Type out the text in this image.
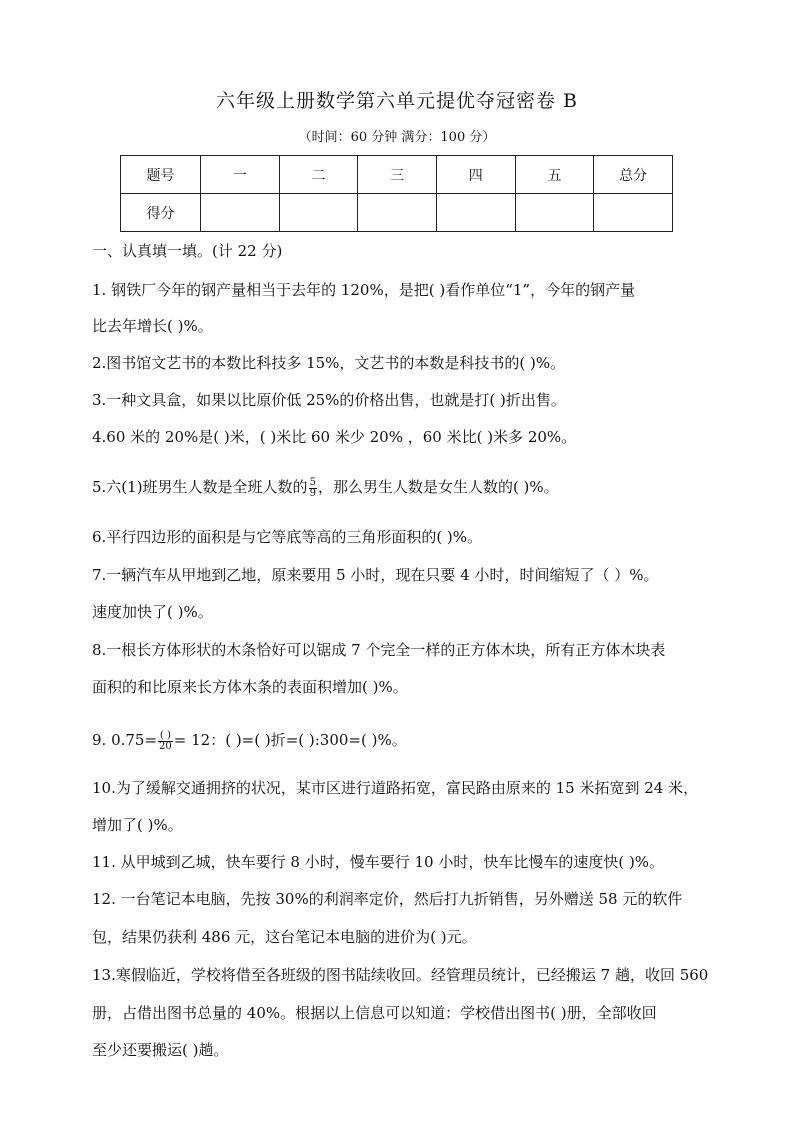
六年级上册数学第六单元提优夺冠密卷 B
（时间：60 分钟 满分：100 分）
题号	一	二	三	四	五	总分
得分						
一、认真填一填。(计 22 分)
1. 钢铁厂今年的钢产量相当于去年的 120%，是把( )看作单位“1”，今年的钢产量
比去年增长( )%。
2.图书馆文艺书的本数比科技多 15%，文艺书的本数是科技书的( )%。
3.一种文具盒，如果以比原价低 25%的价格出售，也就是打( )折出售。
4.60 米的 20%是( )米，( )米比 60 米少 20% ，60 米比( )米多 20%。
5.六(1)班男生人数是全班人数的 $\frac{5}{9}$ ，那么男生人数是女生人数的( )%。
6.平行四边形的面积是与它等底等高的三角形面积的( )%。
7.一辆汽车从甲地到乙地，原来要用 5 小时，现在只要 4 小时，时间缩短了（ ）%。
速度加快了( )%。
8.一根长方体形状的木条恰好可以锯成 7 个完全一样的正方体木块，所有正方体木块表
面积的和比原来长方体木条的表面积增加( )%。
9. $0.75= \frac{( )}{20} = 12$：( )=( )折=( ):300=( )%。
10.为了缓解交通拥挤的状况，某市区进行道路拓宽，富民路由原来的 15 米拓宽到 24 米，
增加了( )%。
11. 从甲城到乙城，快车要行 8 小时，慢车要行 10 小时，快车比慢车的速度快( )%。
12. 一台笔记本电脑，先按 30%的利润率定价，然后打九折销售，另外赠送 58 元的软件
包，结果仍获利 486 元，这台笔记本电脑的进价为( )元。
13.寒假临近，学校将借至各班级的图书陆续收回。经管理员统计，已经搬运 7 趟，收回 560
册，占借出图书总量的 40%。根据以上信息可以知道：学校借出图书( )册，全部收回
至少还要搬运( )趟。
